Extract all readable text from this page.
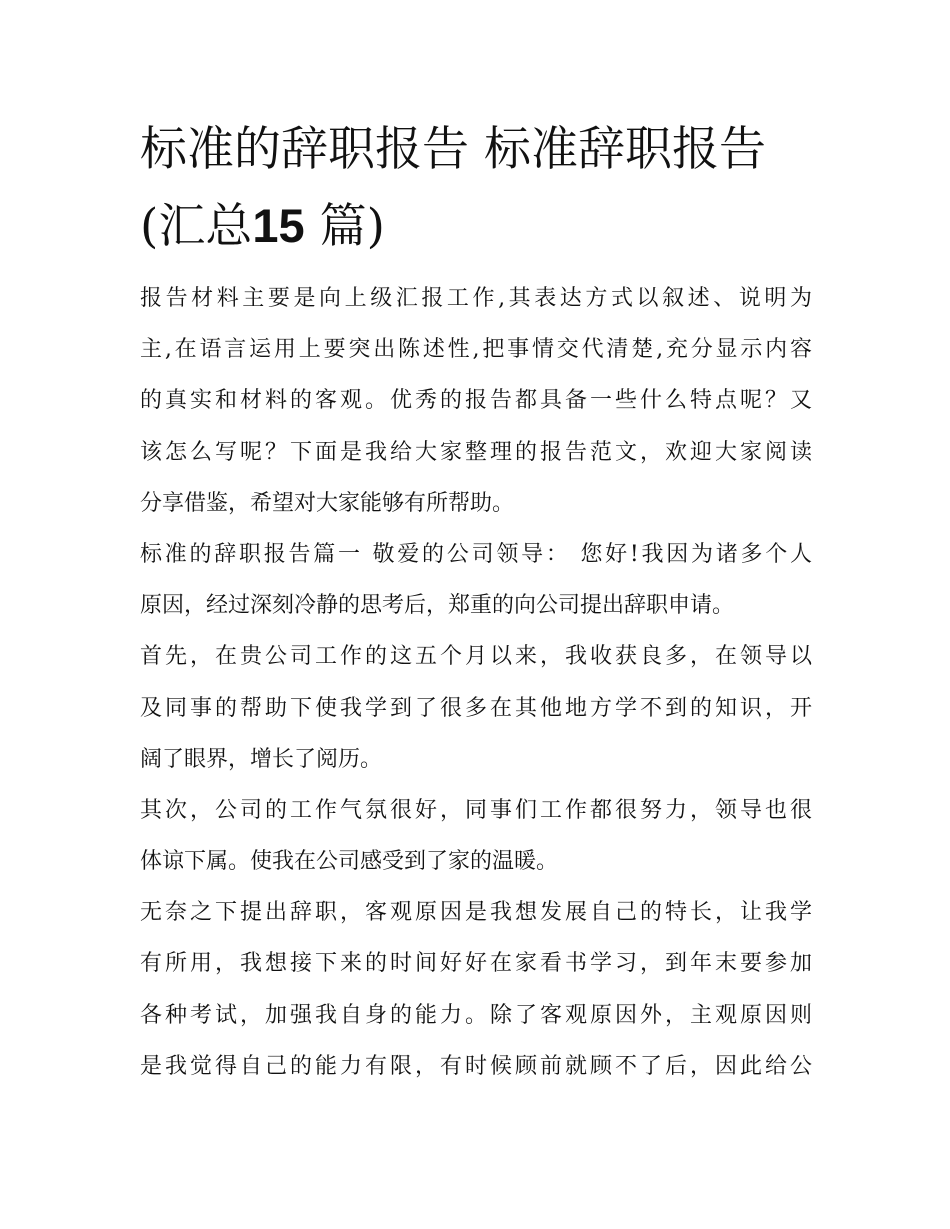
标准的辞职报告 标准辞职报告
(汇总15 篇)
报告材料主要是向上级汇报工作,其表达方式以叙述、说明为
主,在语言运用上要突出陈述性,把事情交代清楚,充分显示内容
的真实和材料的客观。优秀的报告都具备一些什么特点呢？又
该怎么写呢？下面是我给大家整理的报告范文，欢迎大家阅读
分享借鉴，希望对大家能够有所帮助。
标准的辞职报告篇一 敬爱的公司领导： 您好!我因为诸多个人
原因，经过深刻冷静的思考后，郑重的向公司提出辞职申请。
首先，在贵公司工作的这五个月以来，我收获良多，在领导以
及同事的帮助下使我学到了很多在其他地方学不到的知识，开
阔了眼界，增长了阅历。
其次，公司的工作气氛很好，同事们工作都很努力，领导也很
体谅下属。使我在公司感受到了家的温暖。
无奈之下提出辞职，客观原因是我想发展自己的特长，让我学
有所用，我想接下来的时间好好在家看书学习，到年末要参加
各种考试，加强我自身的能力。除了客观原因外，主观原因则
是我觉得自己的能力有限，有时候顾前就顾不了后，因此给公
